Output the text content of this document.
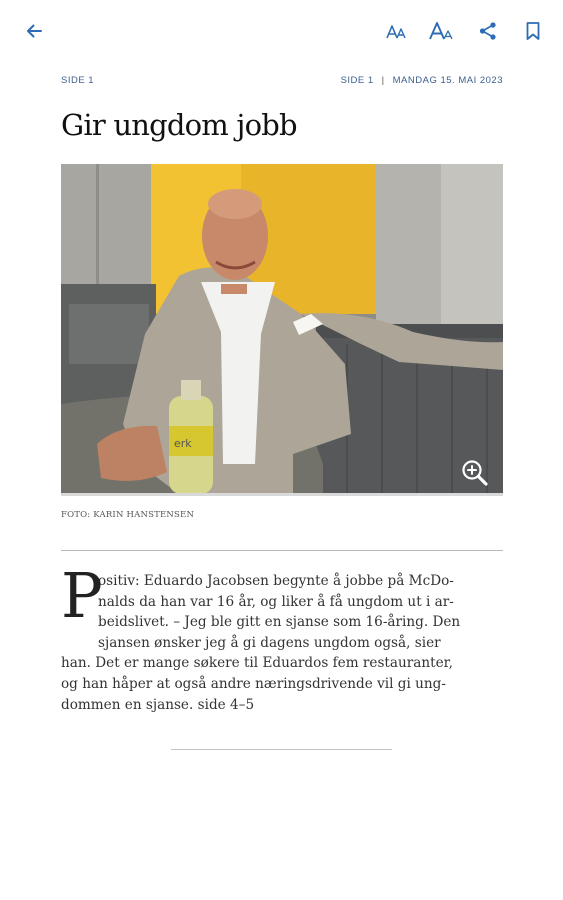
SIDE 1	SIDE 1 | MANDAG 15. MAI 2023
Gir ungdom jobb
erk
FOTO: KARIN HANSTENSEN
P
ositiv: Eduardo Jacobsen begynte å jobbe på McDo-
nalds da han var 16 år, og liker å få ungdom ut i ar-
beidslivet. – Jeg ble gitt en sjanse som 16-åring. Den
sjansen ønsker jeg å gi dagens ungdom også, sier
han. Det er mange søkere til Eduardos fem restauranter,
og han håper at også andre næringsdrivende vil gi ung-
dommen en sjanse. side 4–5
